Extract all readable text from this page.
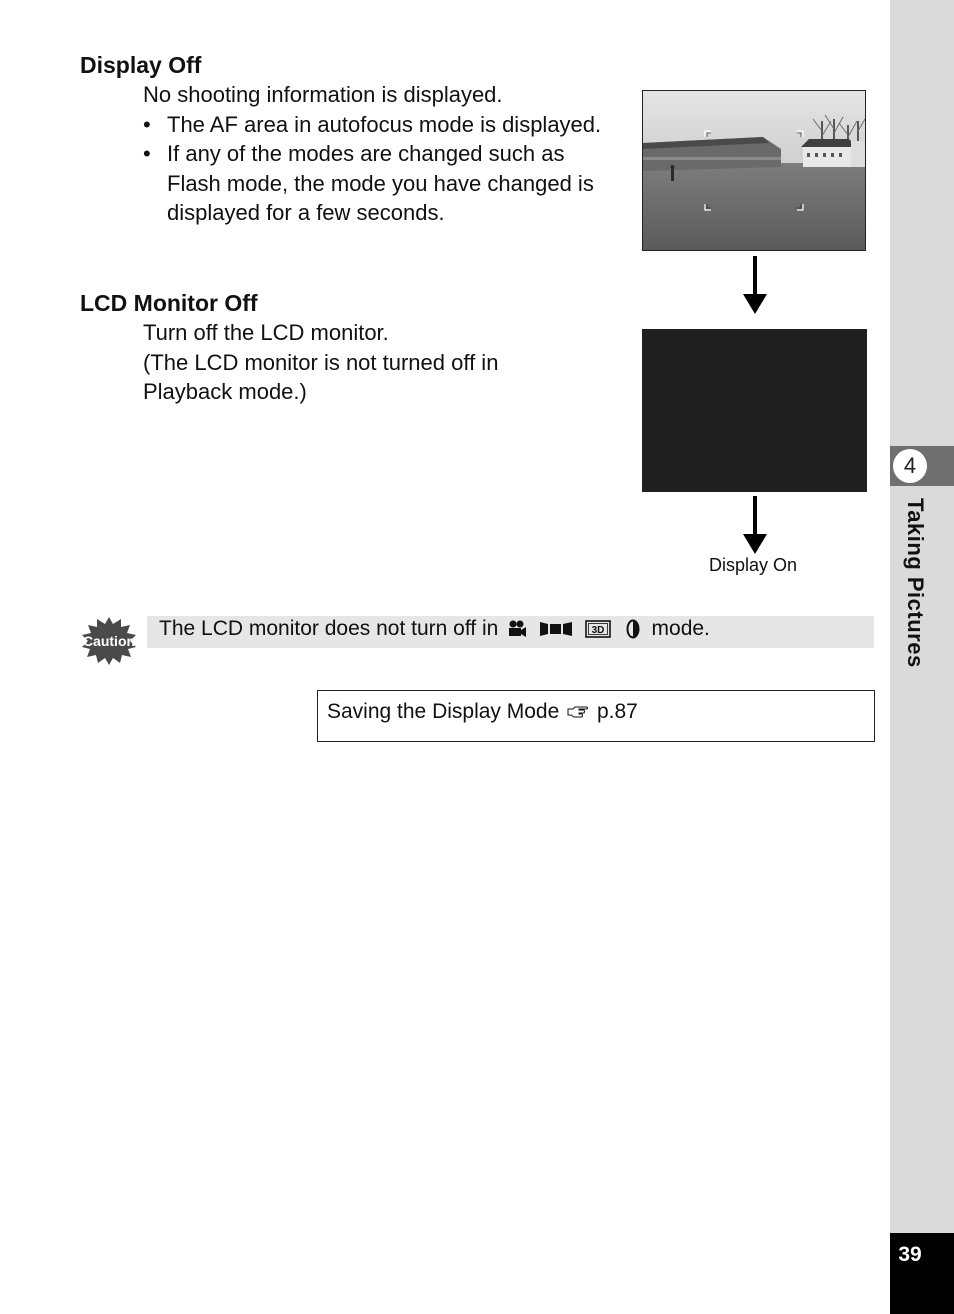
4
Taking Pictures
39
Display Off
No shooting information is displayed.
• The AF area in autofocus mode is displayed.
• If any of the modes are changed such as Flash mode, the mode you have changed is displayed for a few seconds.
LCD Monitor Off
Turn off the LCD monitor.
(The LCD monitor is not turned off in Playback mode.)
Display On
Caution
The LCD monitor does not turn off in	3D mode.
Saving the Display Mode p.87
